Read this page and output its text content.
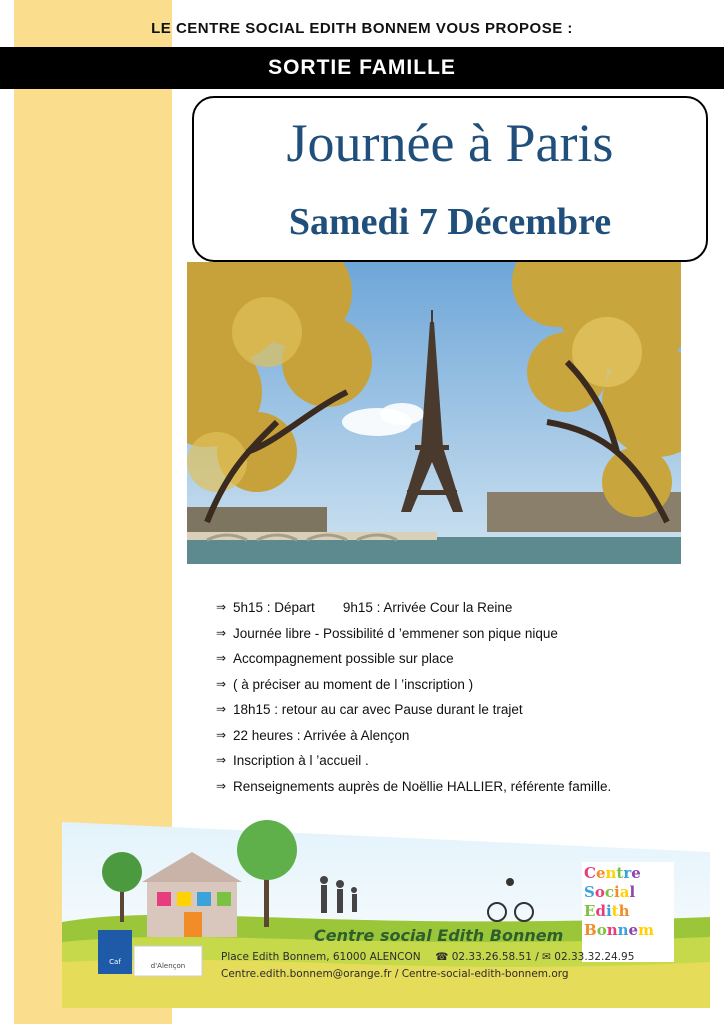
LE CENTRE SOCIAL EDITH BONNEM VOUS PROPOSE :
SORTIE FAMILLE
Journée à Paris
Samedi 7 Décembre
⇒ 5h15 : Départ 9h15 : Arrivée Cour la Reine
⇒ Journée libre - Possibilité d ’emmener son pique nique
⇒ Accompagnement possible sur place
⇒ ( à préciser au moment de l ’inscription )
⇒ 18h15 : retour au car avec Pause durant le trajet
⇒ 22 heures : Arrivée à Alençon
⇒ Inscription à l ’accueil .
⇒ Renseignements auprès de Noëllie HALLIER, référente famille.
Caf	d'Alençon
C e n t r e
S o c i a l
E d i t h
B o n n e m
Centre social Edith Bonnem
Place Edith Bonnem, 61000 ALENCON ☎ 02.33.26.58.51 / ✉ 02.33.32.24.95
Centre.edith.bonnem@orange.fr / Centre-social-edith-bonnem.org
